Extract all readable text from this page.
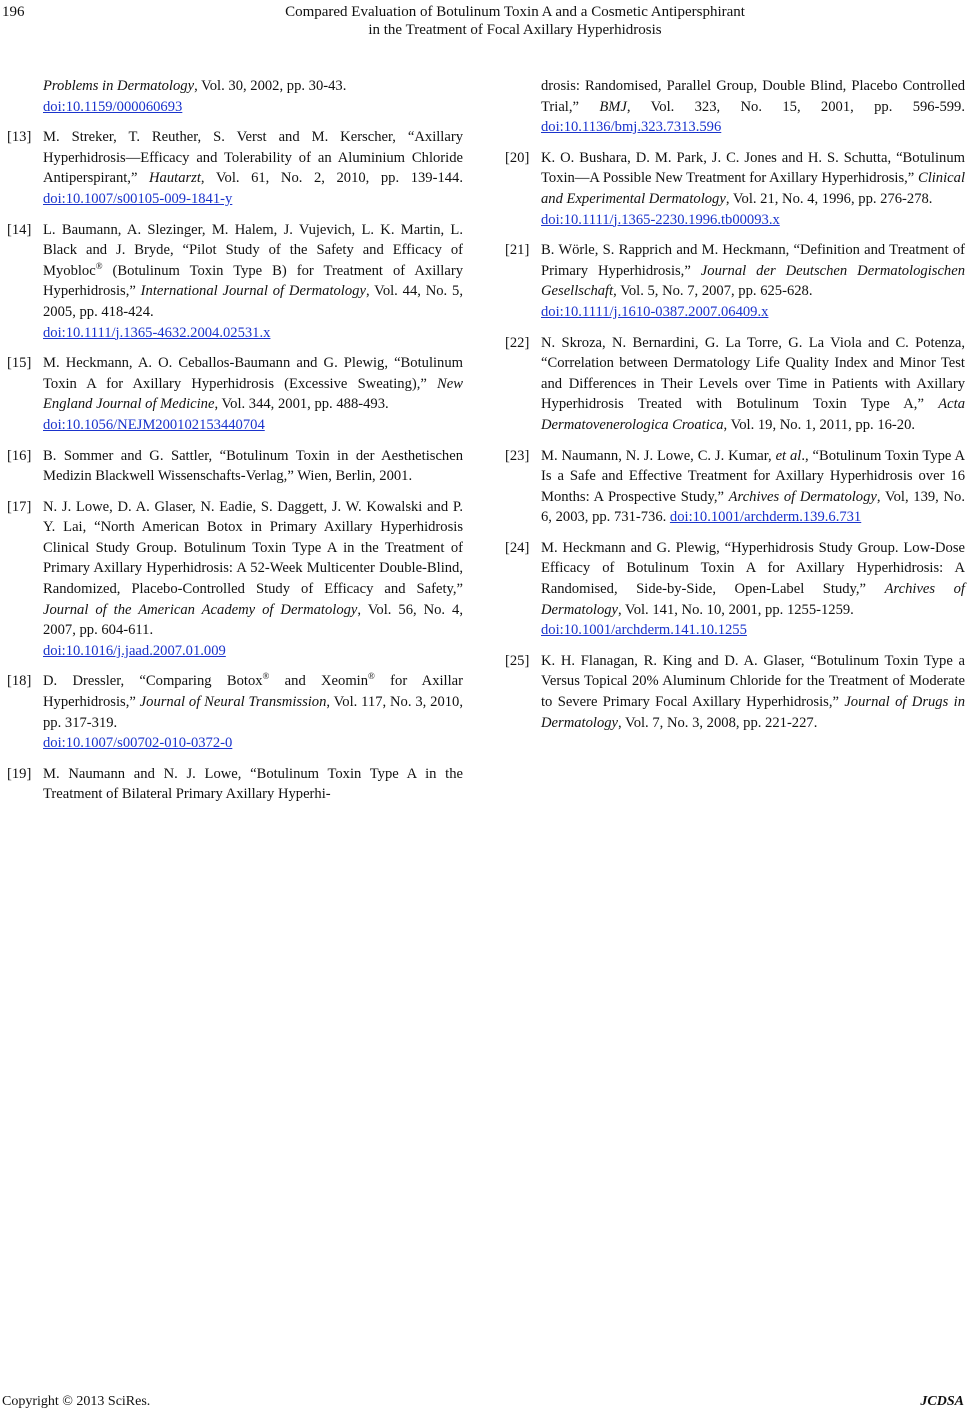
196	Compared Evaluation of Botulinum Toxin A and a Cosmetic Antipersphirant
in the Treatment of Focal Axillary Hyperhidrosis
Problems in Dermatology, Vol. 30, 2002, pp. 30-43.
doi:10.1159/000060693
[13] M. Streker, T. Reuther, S. Verst and M. Kerscher, “Axillary Hyperhidrosis—Efficacy and Tolerability of an Aluminium Chloride Antiperspirant,” Hautarzt, Vol. 61, No. 2, 2010, pp. 139-144. doi:10.1007/s00105-009-1841-y
[14] L. Baumann, A. Slezinger, M. Halem, J. Vujevich, L. K. Martin, L. Black and J. Bryde, “Pilot Study of the Safety and Efficacy of Myobloc® (Botulinum Toxin Type B) for Treatment of Axillary Hyperhidrosis,” International Journal of Dermatology, Vol. 44, No. 5, 2005, pp. 418-424.
doi:10.1111/j.1365-4632.2004.02531.x
[15] M. Heckmann, A. O. Ceballos-Baumann and G. Plewig, “Botulinum Toxin A for Axillary Hyperhidrosis (Excessive Sweating),” New England Journal of Medicine, Vol. 344, 2001, pp. 488-493.
doi:10.1056/NEJM200102153440704
[16] B. Sommer and G. Sattler, “Botulinum Toxin in der Aesthetischen Medizin Blackwell Wissenschafts-Verlag,” Wien, Berlin, 2001.
[17] N. J. Lowe, D. A. Glaser, N. Eadie, S. Daggett, J. W. Kowalski and P. Y. Lai, “North American Botox in Primary Axillary Hyperhidrosis Clinical Study Group. Botulinum Toxin Type A in the Treatment of Primary Axillary Hyperhidrosis: A 52-Week Multicenter Double-Blind, Randomized, Placebo-Controlled Study of Efficacy and Safety,” Journal of the American Academy of Dermatology, Vol. 56, No. 4, 2007, pp. 604-611.
doi:10.1016/j.jaad.2007.01.009
[18] D. Dressler, “Comparing Botox® and Xeomin® for Axillar Hyperhidrosis,” Journal of Neural Transmission, Vol. 117, No. 3, 2010, pp. 317-319.
doi:10.1007/s00702-010-0372-0
[19] M. Naumann and N. J. Lowe, “Botulinum Toxin Type A in the Treatment of Bilateral Primary Axillary Hyperhi-
drosis: Randomised, Parallel Group, Double Blind, Placebo Controlled Trial,” BMJ, Vol. 323, No. 15, 2001, pp. 596-599. doi:10.1136/bmj.323.7313.596
[20] K. O. Bushara, D. M. Park, J. C. Jones and H. S. Schutta, “Botulinum Toxin—A Possible New Treatment for Axillary Hyperhidrosis,” Clinical and Experimental Dermatology, Vol. 21, No. 4, 1996, pp. 276-278.
doi:10.1111/j.1365-2230.1996.tb00093.x
[21] B. Wörle, S. Rapprich and M. Heckmann, “Definition and Treatment of Primary Hyperhidrosis,” Journal der Deutschen Dermatologischen Gesellschaft, Vol. 5, No. 7, 2007, pp. 625-628.
doi:10.1111/j.1610-0387.2007.06409.x
[22] N. Skroza, N. Bernardini, G. La Torre, G. La Viola and C. Potenza, “Correlation between Dermatology Life Quality Index and Minor Test and Differences in Their Levels over Time in Patients with Axillary Hyperhidrosis Treated with Botulinum Toxin Type A,” Acta Dermatovenerologica Croatica, Vol. 19, No. 1, 2011, pp. 16-20.
[23] M. Naumann, N. J. Lowe, C. J. Kumar, et al., “Botulinum Toxin Type A Is a Safe and Effective Treatment for Axillary Hyperhidrosis over 16 Months: A Prospective Study,” Archives of Dermatology, Vol, 139, No. 6, 2003, pp. 731-736. doi:10.1001/archderm.139.6.731
[24] M. Heckmann and G. Plewig, “Hyperhidrosis Study Group. Low-Dose Efficacy of Botulinum Toxin A for Axillary Hyperhidrosis: A Randomised, Side-by-Side, Open-Label Study,” Archives of Dermatology, Vol. 141, No. 10, 2001, pp. 1255-1259.
doi:10.1001/archderm.141.10.1255
[25] K. H. Flanagan, R. King and D. A. Glaser, “Botulinum Toxin Type a Versus Topical 20% Aluminum Chloride for the Treatment of Moderate to Severe Primary Focal Axillary Hyperhidrosis,” Journal of Drugs in Dermatology, Vol. 7, No. 3, 2008, pp. 221-227.
Copyright © 2013 SciRes.	JCDSA
